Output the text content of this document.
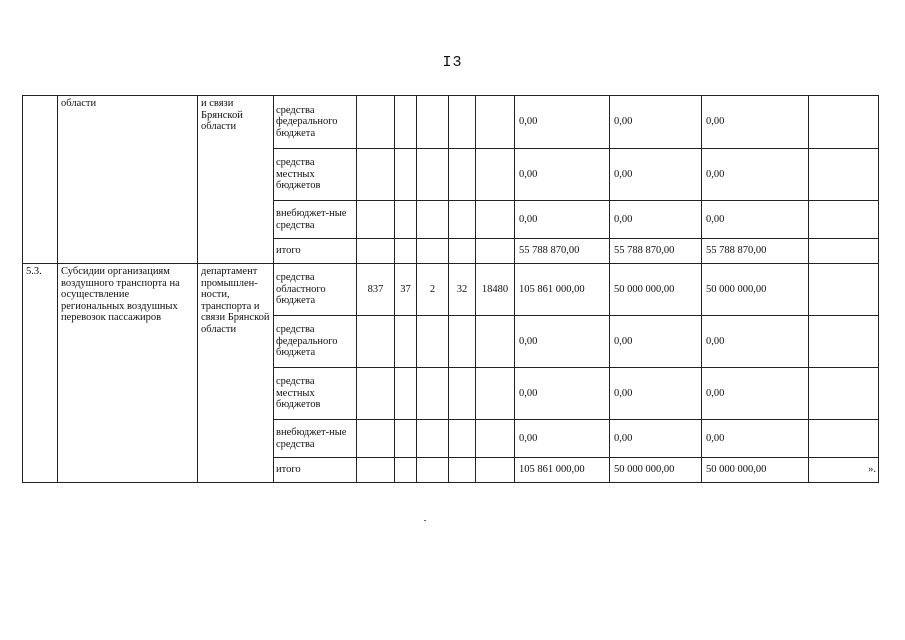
I3
	области	и связи Брянской области	средства федерального бюджета						0,00	0,00	0,00	
			средства местных бюджетов						0,00	0,00	0,00	
			внебюджет-ные средства						0,00	0,00	0,00	
			итого						55 788 870,00	55 788 870,00	55 788 870,00	
5.3.	Субсидии организациям воздушного транспорта на осуществление региональных воздушных перевозок пассажиров	департамент промышлен-ности, транспорта и связи Брянской области	средства областного бюджета	837	37	2	32	18480	105 861 000,00	50 000 000,00	50 000 000,00	
			средства федерального бюджета						0,00	0,00	0,00	
			средства местных бюджетов						0,00	0,00	0,00	
			внебюджет-ные средства						0,00	0,00	0,00	
			итого						105 861 000,00	50 000 000,00	50 000 000,00	».
